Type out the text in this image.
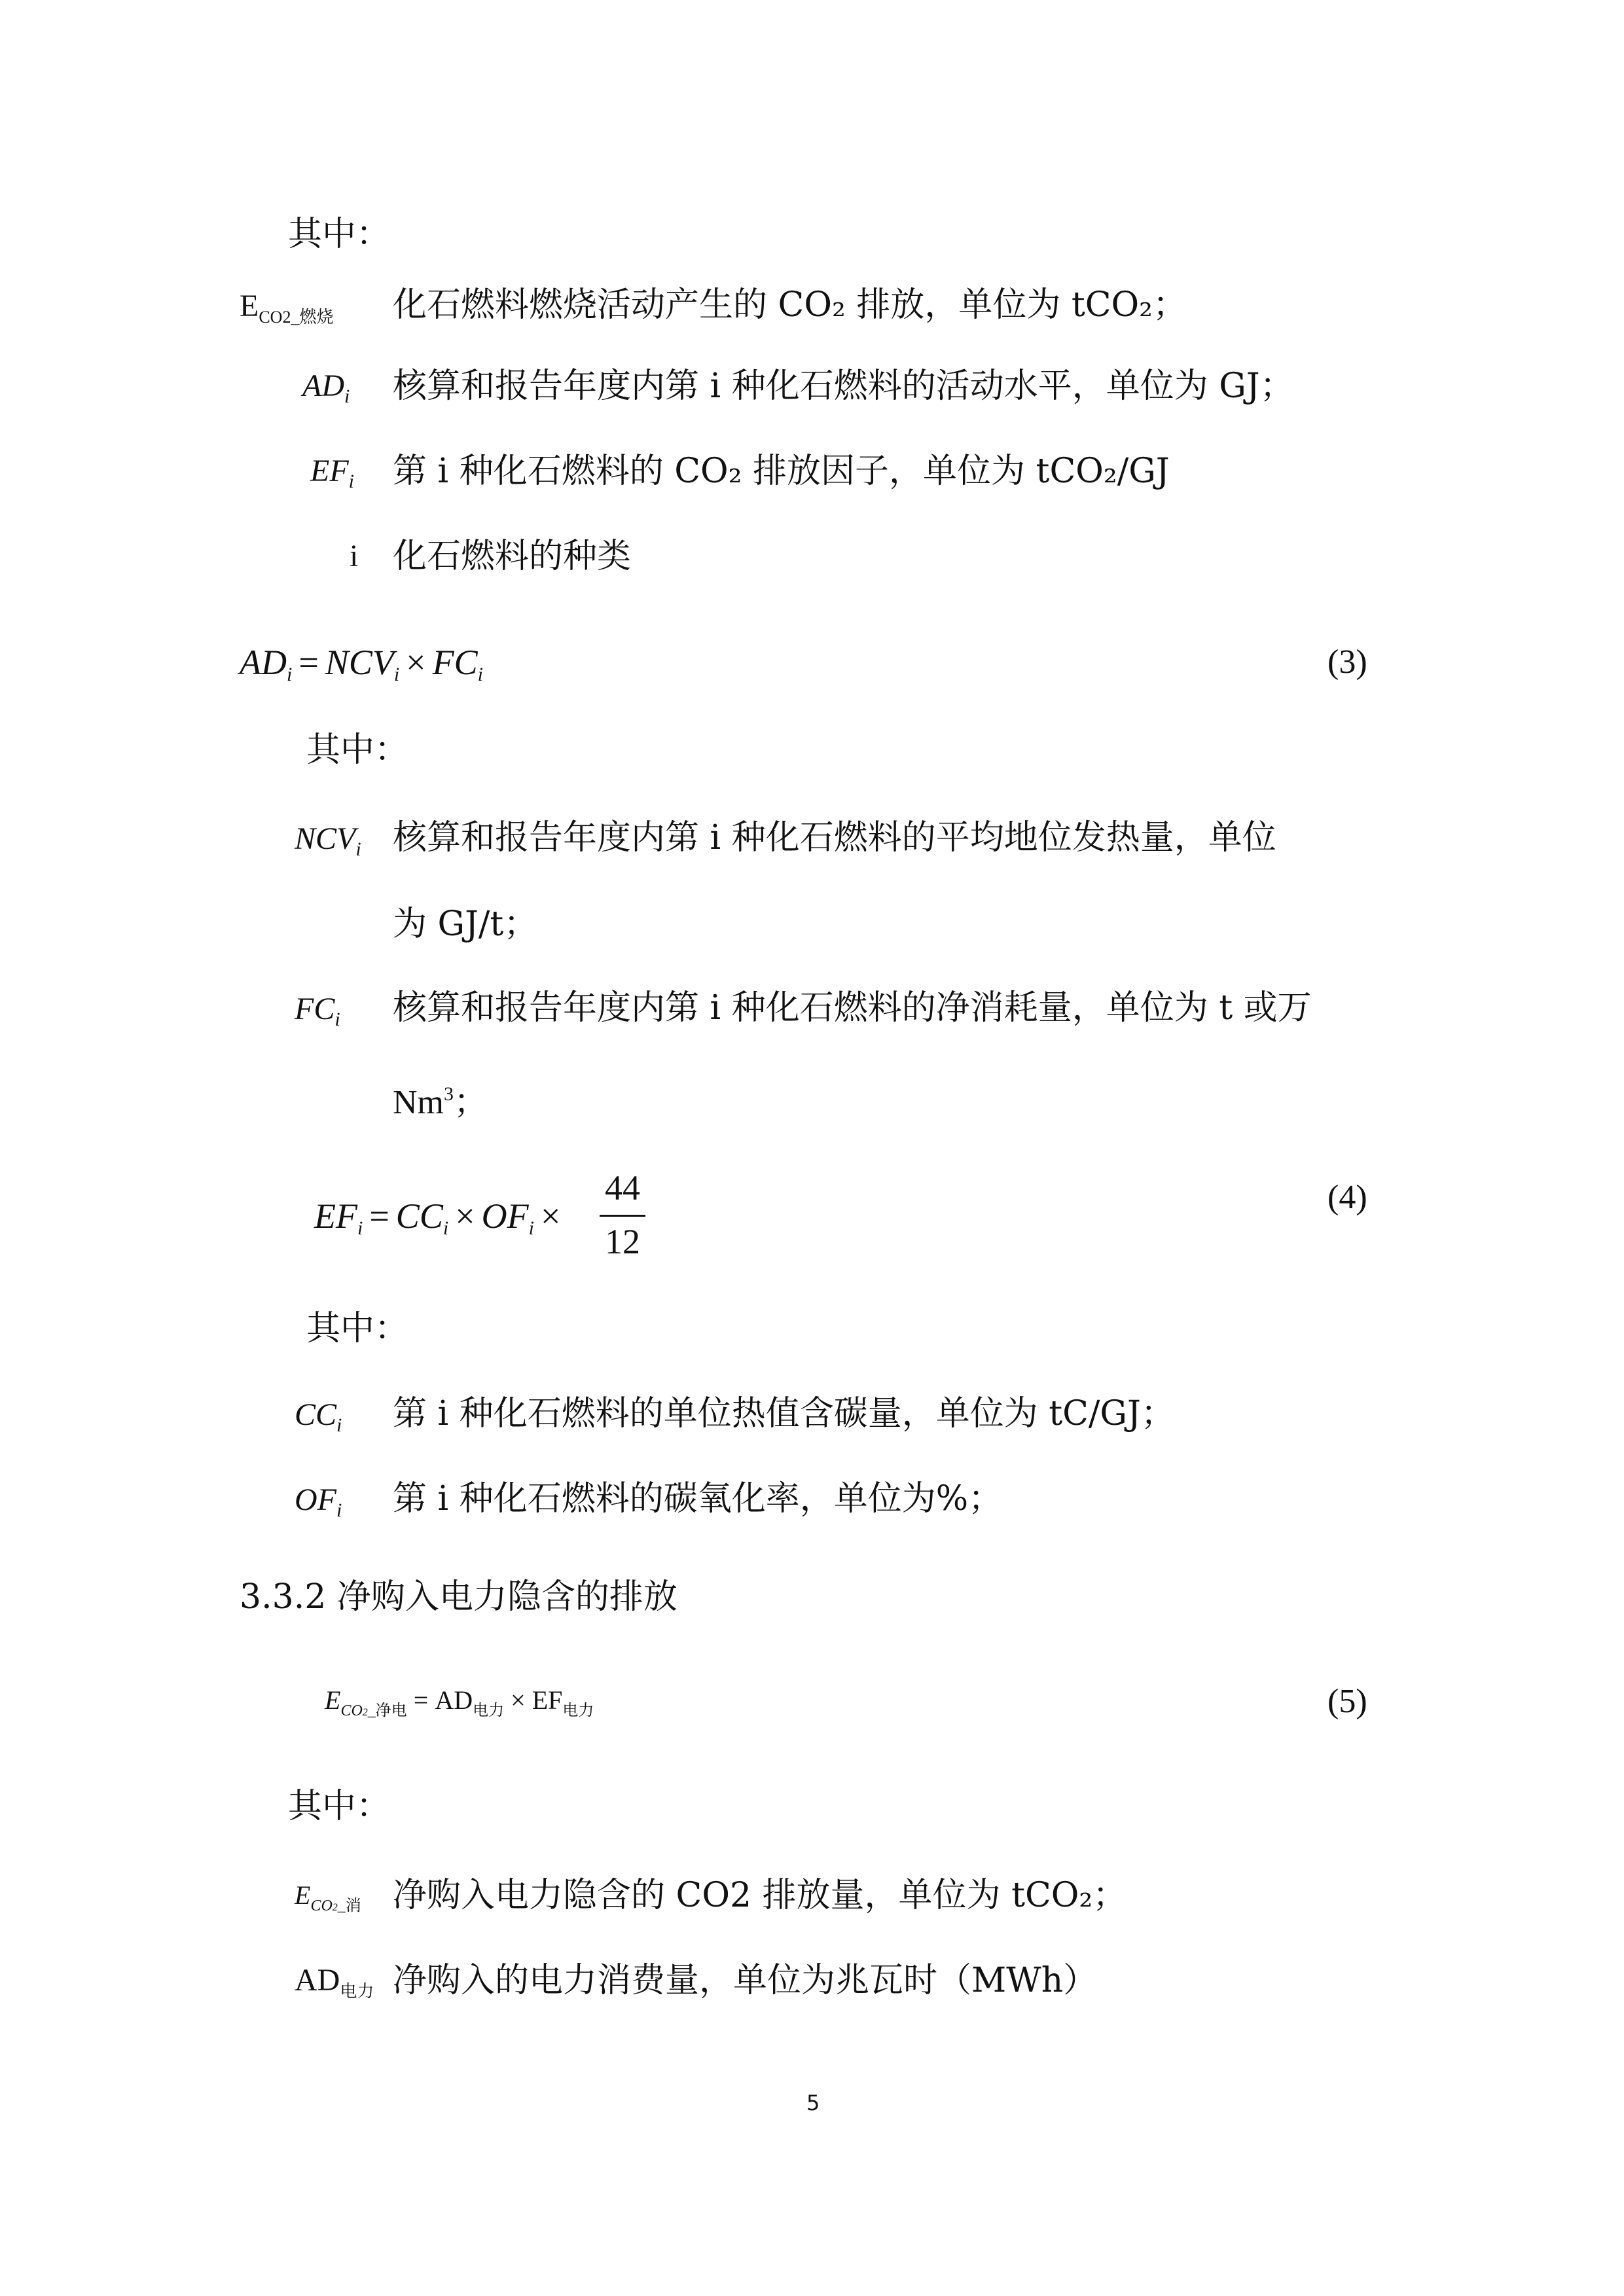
其中：
$E_{CO2\_燃烧}$ 化石燃料燃烧活动产生的 CO₂ 排放，单位为 tCO₂；
$AD_i$ 核算和报告年度内第 i 种化石燃料的活动水平，单位为 GJ；
$EF_i$ 第 i 种化石燃料的 CO₂ 排放因子，单位为 tCO₂/GJ
i 化石燃料的种类
$AD_i = NCV_i \times FC_i$	(3)
其中：
$NCV_i$ 核算和报告年度内第 i 种化石燃料的平均地位发热量，单位
为 GJ/t；
$FC_i$ 核算和报告年度内第 i 种化石燃料的净消耗量，单位为 t 或万
Nm$^3$；
$EF_i = CC_i \times OF_i$ ×
44
12
(4)
其中：
$CC_i$ 第 i 种化石燃料的单位热值含碳量，单位为 tC/GJ；
$OF_i$ 第 i 种化石燃料的碳氧化率，单位为%；
3.3.2 净购入电力隐含的排放
$E_{CO2\_净电} = AD_{电力} \times EF_{电力}$	(5)
其中：
$E_{CO2\_消}$ 净购入电力隐含的 CO2 排放量，单位为 tCO₂；
$AD_{电力}$ 净购入的电力消费量，单位为兆瓦时（MWh）
5
